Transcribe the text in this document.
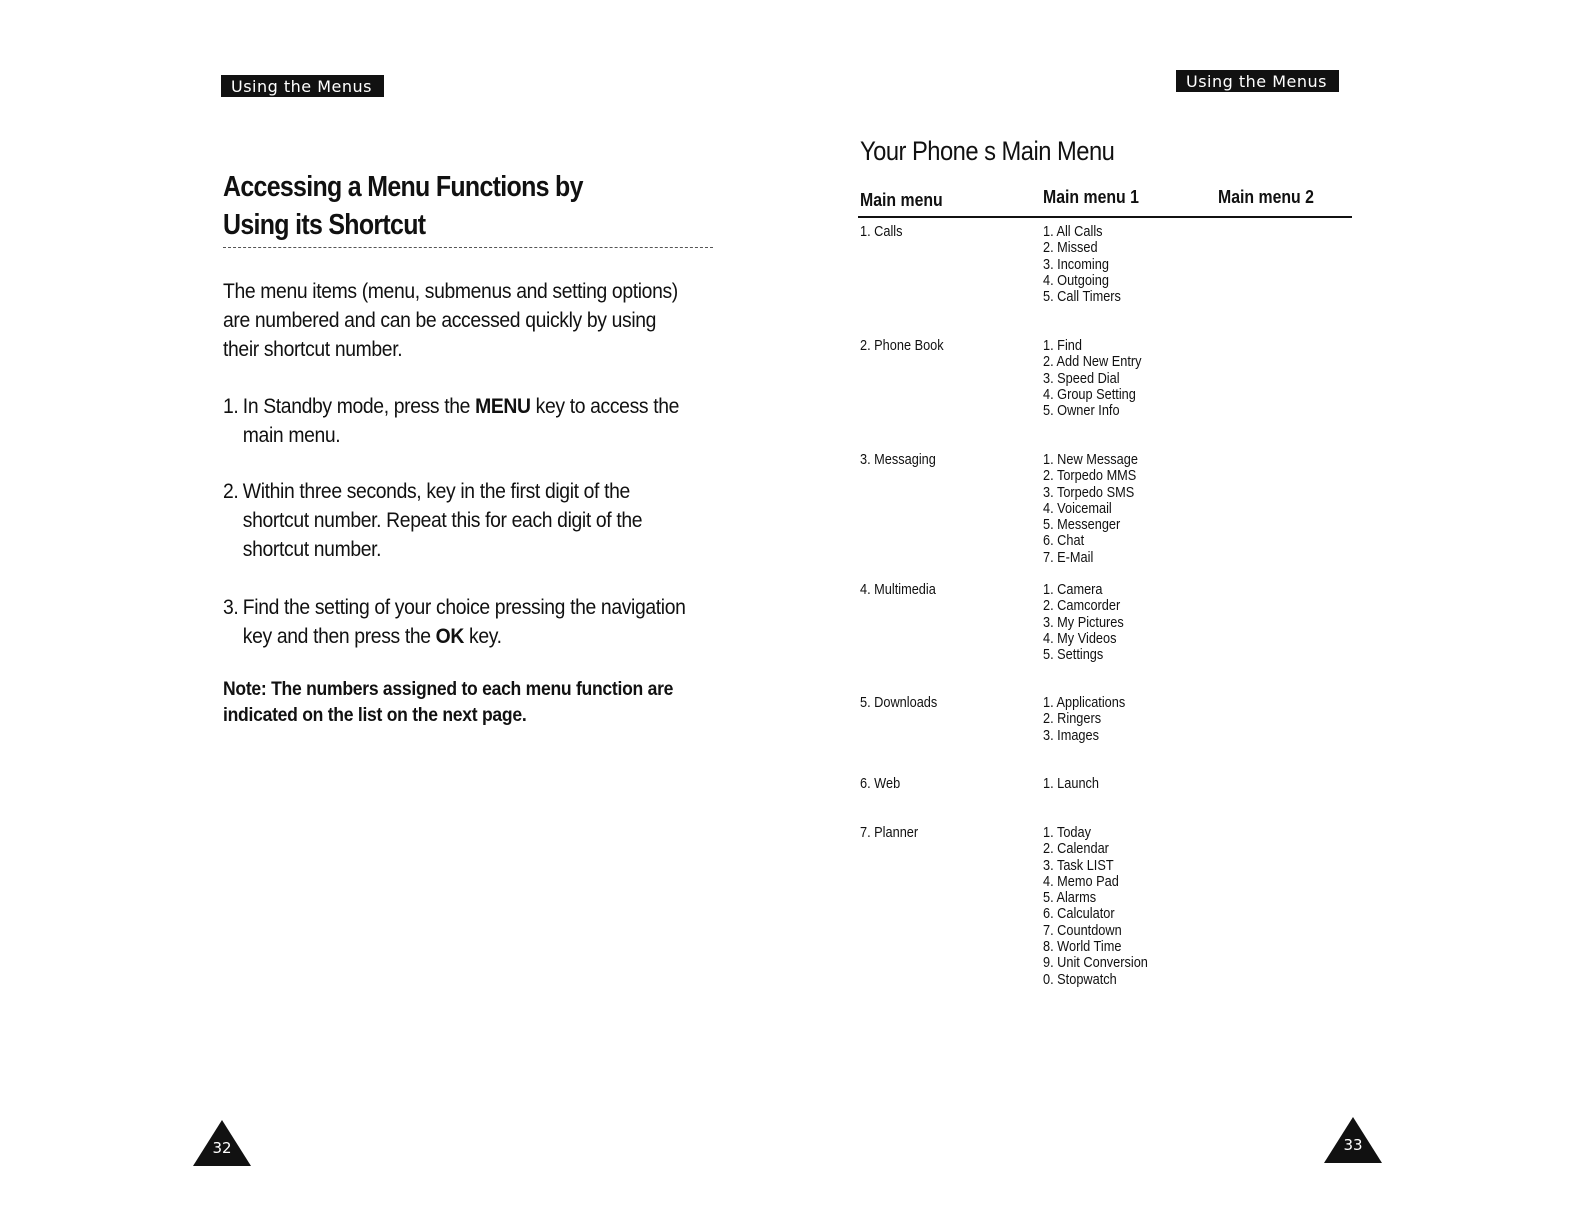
Using the Menus	Using the Menus
Accessing a Menu Functions by Using its Shortcut
The menu items (menu, submenus and setting options) are numbered and can be accessed quickly by using their shortcut number.
1. In Standby mode, press the MENU key to access the
main menu.
2. Within three seconds, key in the first digit of the
shortcut number. Repeat this for each digit of the
shortcut number.
3. Find the setting of your choice pressing the navigation
key and then press the OK key.
Note: The numbers assigned to each menu function are indicated on the list on the next page.
32
Your Phone s Main Menu
Main menu	Main menu 1	Main menu 2
1. Calls	1. All Calls
2. Missed
3. Incoming
4. Outgoing
5. Call Timers
2. Phone Book	1. Find
2. Add New Entry
3. Speed Dial
4. Group Setting
5. Owner Info
3. Messaging	1. New Message
2. Torpedo MMS
3. Torpedo SMS
4. Voicemail
5. Messenger
6. Chat
7. E-Mail
4. Multimedia	1. Camera
2. Camcorder
3. My Pictures
4. My Videos
5. Settings
5. Downloads	1. Applications
2. Ringers
3. Images
6. Web	1. Launch
7. Planner	1. Today
2. Calendar
3. Task LIST
4. Memo Pad
5. Alarms
6. Calculator
7. Countdown
8. World Time
9. Unit Conversion
0. Stopwatch
33
